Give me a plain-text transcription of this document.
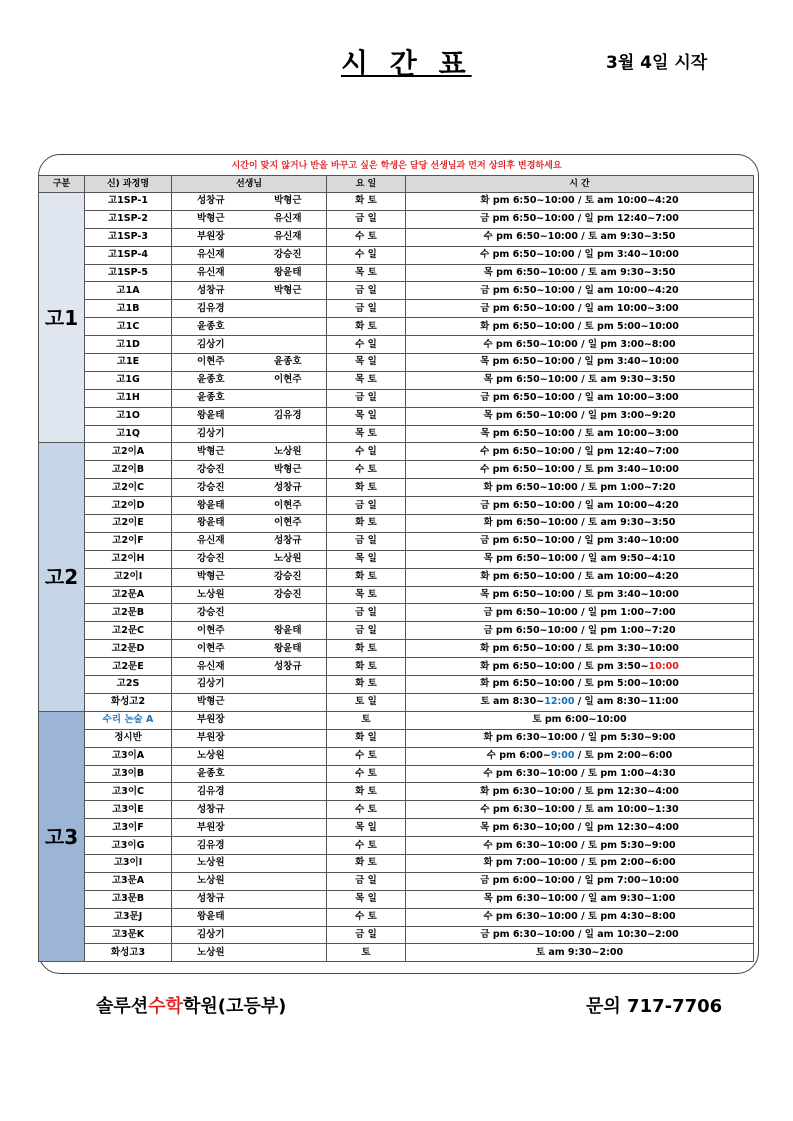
시 간 표	3월 4일 시작
시간이 맞지 않거나 반을 바꾸고 싶은 학생은 담당 선생님과 먼저 상의후 변경하세요
구분	신) 과정명	선생님		요 일	시 간
고1	고1SP-1	성창규	박형근	화 토	화 pm 6:50~10:00 / 토 am 10:00~4:20
	고1SP-2	박형근	유신재	금 일	금 pm 6:50~10:00 / 일 pm 12:40~7:00
	고1SP-3	부원장	유신재	수 토	수 pm 6:50~10:00 / 토 am 9:30~3:50
	고1SP-4	유신재	강승진	수 일	수 pm 6:50~10:00 / 일 pm 3:40~10:00
	고1SP-5	유신재	왕윤태	목 토	목 pm 6:50~10:00 / 토 am 9:30~3:50
	고1A	성창규	박형근	금 일	금 pm 6:50~10:00 / 일 am 10:00~4:20
	고1B	김유경		금 일	금 pm 6:50~10:00 / 일 am 10:00~3:00
	고1C	윤종호		화 토	화 pm 6:50~10:00 / 토 pm 5:00~10:00
	고1D	김상기		수 일	수 pm 6:50~10:00 / 일 pm 3:00~8:00
	고1E	이현주	윤종호	목 일	목 pm 6:50~10:00 / 일 pm 3:40~10:00
	고1G	윤종호	이현주	목 토	목 pm 6:50~10:00 / 토 am 9:30~3:50
	고1H	윤종호		금 일	금 pm 6:50~10:00 / 일 am 10:00~3:00
	고1O	왕윤태	김유경	목 일	목 pm 6:50~10:00 / 일 pm 3:00~9:20
	고1Q	김상기		목 토	목 pm 6:50~10:00 / 토 am 10:00~3:00
고2	고2이A	박형근	노상원	수 일	수 pm 6:50~10:00 / 일 pm 12:40~7:00
	고2이B	강승진	박형근	수 토	수 pm 6:50~10:00 / 토 pm 3:40~10:00
	고2이C	강승진	성창규	화 토	화 pm 6:50~10:00 / 토 pm 1:00~7:20
	고2이D	왕윤태	이현주	금 일	금 pm 6:50~10:00 / 일 am 10:00~4:20
	고2이E	왕윤태	이현주	화 토	화 pm 6:50~10:00 / 토 am 9:30~3:50
	고2이F	유신재	성창규	금 일	금 pm 6:50~10:00 / 일 pm 3:40~10:00
	고2이H	강승진	노상원	목 일	목 pm 6:50~10:00 / 일 am 9:50~4:10
	고2이I	박형근	강승진	화 토	화 pm 6:50~10:00 / 토 am 10:00~4:20
	고2문A	노상원	강승진	목 토	목 pm 6:50~10:00 / 토 pm 3:40~10:00
	고2문B	강승진		금 일	금 pm 6:50~10:00 / 일 pm 1:00~7:00
	고2문C	이현주	왕윤태	금 일	금 pm 6:50~10:00 / 일 pm 1:00~7:20
	고2문D	이현주	왕윤태	화 토	화 pm 6:50~10:00 / 토 pm 3:30~10:00
	고2문E	유신재	성창규	화 토	화 pm 6:50~10:00 / 토 pm 3:50~10:00
	고2S	김상기		화 토	화 pm 6:50~10:00 / 토 pm 5:00~10:00
	화성고2	박형근		토 일	토 am 8:30~12:00 / 일 am 8:30~11:00
고3	수리 논술 A	부원장		토	토 pm 6:00~10:00
	정시반	부원장		화 일	화 pm 6:30~10:00 / 일 pm 5:30~9:00
	고3이A	노상원		수 토	수 pm 6:00~9:00 / 토 pm 2:00~6:00
	고3이B	윤종호		수 토	수 pm 6:30~10:00 / 토 pm 1:00~4:30
	고3이C	김유경		화 토	화 pm 6:30~10:00 / 토 pm 12:30~4:00
	고3이E	성창규		수 토	수 pm 6:30~10:00 / 토 am 10:00~1:30
	고3이F	부원장		목 일	목 pm 6:30~10;00 / 일 pm 12:30~4:00
	고3이G	김유경		수 토	수 pm 6:30~10:00 / 토 pm 5:30~9:00
	고3이I	노상원		화 토	화 pm 7:00~10:00 / 토 pm 2:00~6:00
	고3문A	노상원		금 일	금 pm 6:00~10:00 / 일 pm 7:00~10:00
	고3문B	성창규		목 일	목 pm 6:30~10:00 / 일 am 9:30~1:00
	고3문J	왕윤태		수 토	수 pm 6:30~10:00 / 토 pm 4:30~8:00
	고3문K	김상기		금 일	금 pm 6:30~10:00 / 일 am 10:30~2:00
	화성고3	노상원		토	토 am 9:30~2:00
솔루션수학학원(고등부)	문의 717-7706
